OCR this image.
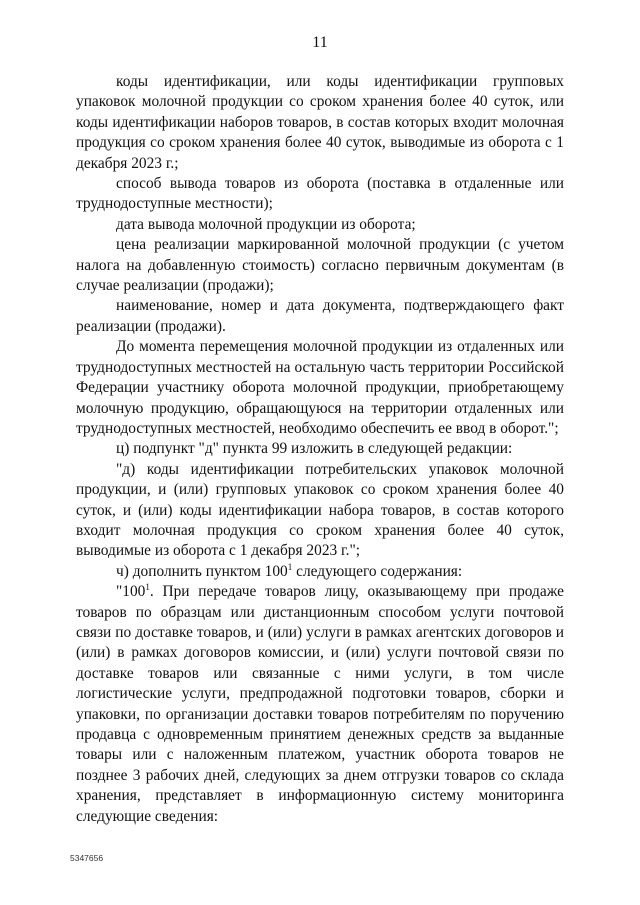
11

коды идентификации, или коды идентификации групповых упаковок молочной продукции со сроком хранения более 40 суток, или коды идентификации наборов товаров, в состав которых входит молочная продукция со сроком хранения более 40 суток, выводимые из оборота с 1 декабря 2023 г.;

способ вывода товаров из оборота (поставка в отдаленные или труднодоступные местности);

дата вывода молочной продукции из оборота;

цена реализации маркированной молочной продукции (с учетом налога на добавленную стоимость) согласно первичным документам (в случае реализации (продажи);

наименование, номер и дата документа, подтверждающего факт реализации (продажи).

До момента перемещения молочной продукции из отдаленных или труднодоступных местностей на остальную часть территории Российской Федерации участнику оборота молочной продукции, приобретающему молочную продукцию, обращающуюся на территории отдаленных или труднодоступных местностей, необходимо обеспечить ее ввод в оборот.";

ц) подпункт "д" пункта 99 изложить в следующей редакции:

"д) коды идентификации потребительских упаковок молочной продукции, и (или) групповых упаковок со сроком хранения более 40 суток, и (или) коды идентификации набора товаров, в состав которого входит молочная продукция со сроком хранения более 40 суток, выводимые из оборота с 1 декабря 2023 г.";

ч) дополнить пунктом $100^1$ следующего содержания:

"$100^1$. При передаче товаров лицу, оказывающему при продаже товаров по образцам или дистанционным способом услуги почтовой связи по доставке товаров, и (или) услуги в рамках агентских договоров и (или) в рамках договоров комиссии, и (или) услуги почтовой связи по доставке товаров или связанные с ними услуги, в том числе логистические услуги, предпродажной подготовки товаров, сборки и упаковки, по организации доставки товаров потребителям по поручению продавца с одновременным принятием денежных средств за выданные товары или с наложенным платежом, участник оборота товаров не позднее 3 рабочих дней, следующих за днем отгрузки товаров со склада хранения, представляет в информационную систему мониторинга следующие сведения:

5347656
